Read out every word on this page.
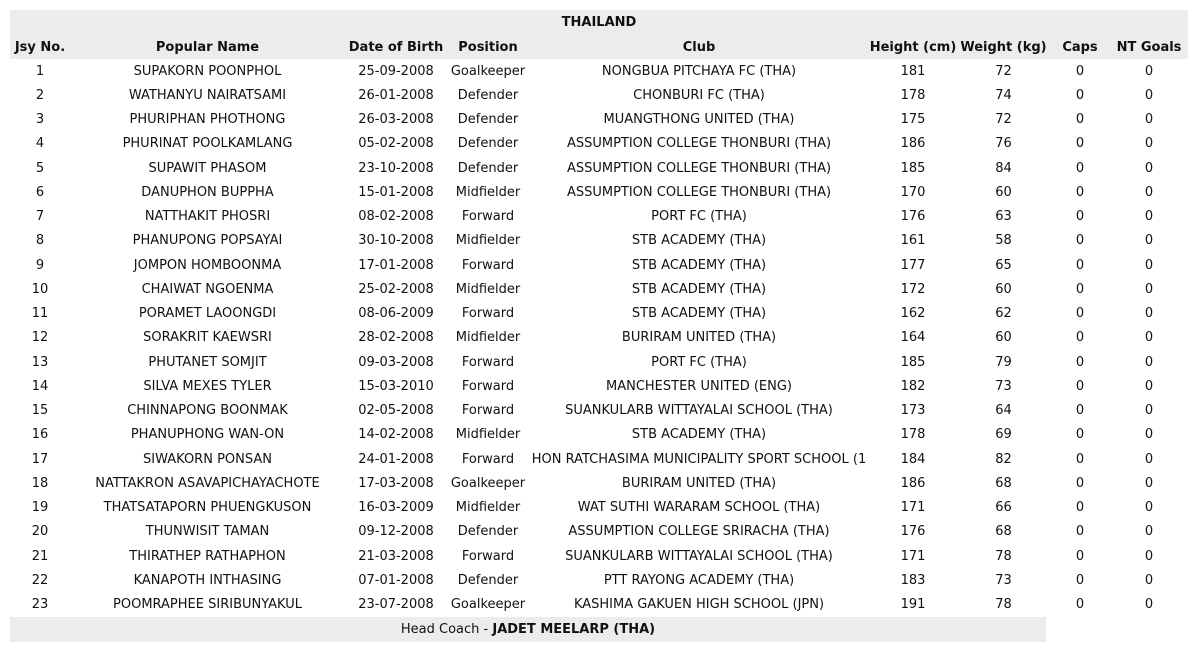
THAILAND
Jsy No.	Popular Name	Date of Birth	Position	Club	Height (cm)	Weight (kg)	Caps	NT Goals
1	SUPAKORN POONPHOL	25-09-2008	Goalkeeper	NONGBUA PITCHAYA FC (THA)	181	72	0	0
2	WATHANYU NAIRATSAMI	26-01-2008	Defender	CHONBURI FC (THA)	178	74	0	0
3	PHURIPHAN PHOTHONG	26-03-2008	Defender	MUANGTHONG UNITED (THA)	175	72	0	0
4	PHURINAT POOLKAMLANG	05-02-2008	Defender	ASSUMPTION COLLEGE THONBURI (THA)	186	76	0	0
5	SUPAWIT PHASOM	23-10-2008	Defender	ASSUMPTION COLLEGE THONBURI (THA)	185	84	0	0
6	DANUPHON BUPPHA	15-01-2008	Midfielder	ASSUMPTION COLLEGE THONBURI (THA)	170	60	0	0
7	NATTHAKIT PHOSRI	08-02-2008	Forward	PORT FC (THA)	176	63	0	0
8	PHANUPONG POPSAYAI	30-10-2008	Midfielder	STB ACADEMY (THA)	161	58	0	0
9	JOMPON HOMBOONMA	17-01-2008	Forward	STB ACADEMY (THA)	177	65	0	0
10	CHAIWAT NGOENMA	25-02-2008	Midfielder	STB ACADEMY (THA)	172	60	0	0
11	PORAMET LAOONGDI	08-06-2009	Forward	STB ACADEMY (THA)	162	62	0	0
12	SORAKRIT KAEWSRI	28-02-2008	Midfielder	BURIRAM UNITED (THA)	164	60	0	0
13	PHUTANET SOMJIT	09-03-2008	Forward	PORT FC (THA)	185	79	0	0
14	SILVA MEXES TYLER	15-03-2010	Forward	MANCHESTER UNITED (ENG)	182	73	0	0
15	CHINNAPONG BOONMAK	02-05-2008	Forward	SUANKULARB WITTAYALAI SCHOOL (THA)	173	64	0	0
16	PHANUPHONG WAN-ON	14-02-2008	Midfielder	STB ACADEMY (THA)	178	69	0	0
17	SIWAKORN PONSAN	24-01-2008	Forward	HON RATCHASIMA MUNICIPALITY SPORT SCHOOL (1	184	82	0	0
18	NATTAKRON ASAVAPICHAYACHOTE	17-03-2008	Goalkeeper	BURIRAM UNITED (THA)	186	68	0	0
19	THATSATAPORN PHUENGKUSON	16-03-2009	Midfielder	WAT SUTHI WARARAM SCHOOL (THA)	171	66	0	0
20	THUNWISIT TAMAN	09-12-2008	Defender	ASSUMPTION COLLEGE SRIRACHA (THA)	176	68	0	0
21	THIRATHEP RATHAPHON	21-03-2008	Forward	SUANKULARB WITTAYALAI SCHOOL (THA)	171	78	0	0
22	KANAPOTH INTHASING	07-01-2008	Defender	PTT RAYONG ACADEMY (THA)	183	73	0	0
23	POOMRAPHEE SIRIBUNYAKUL	23-07-2008	Goalkeeper	KASHIMA GAKUEN HIGH SCHOOL (JPN)	191	78	0	0
Head Coach - JADET MEELARP (THA)
